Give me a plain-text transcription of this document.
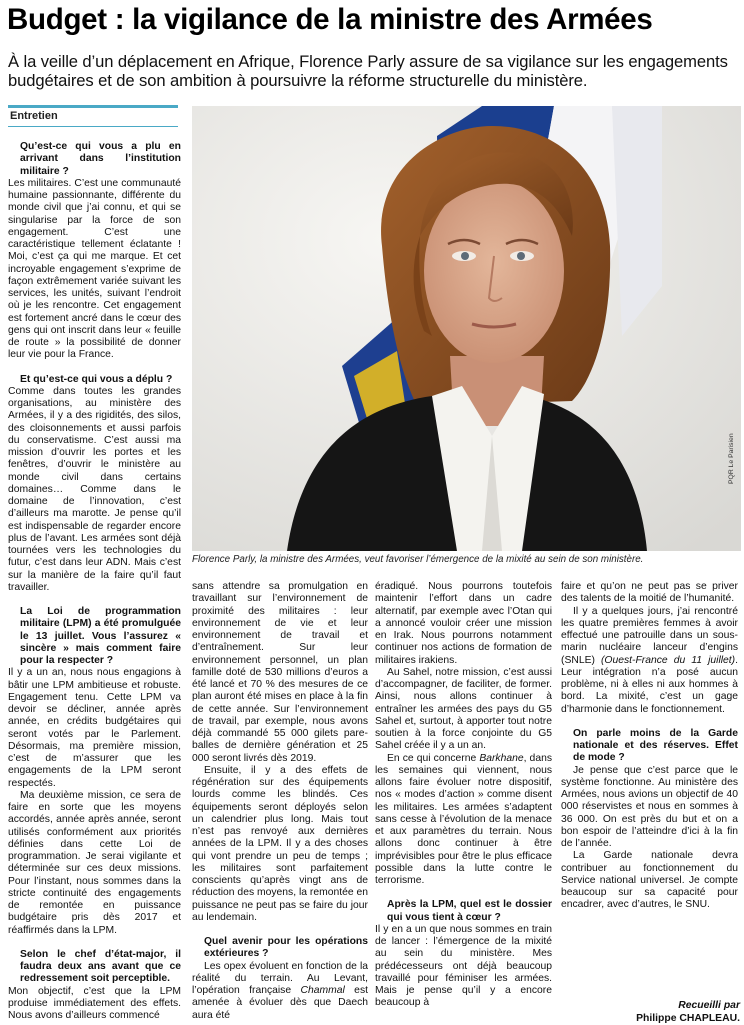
Budget : la vigilance de la ministre des Armées

À la veille d’un déplacement en Afrique, Florence Parly assure de sa vigilance sur les engagements budgétaires et de son ambition à poursuivre la réforme structurelle du ministère.

Entretien

Qu’est-ce qui vous a plu en arrivant dans l’institution militaire ?

Les militaires. C’est une communauté humaine passionnante, différente du monde civil que j’ai connu, et qui se singularise par la force de son engagement. C’est une caractéristique tellement éclatante ! Moi, c’est ça qui me marque. Et cet incroyable engagement s’exprime de façon extrêmement variée suivant les services, les unités, suivant l’endroit où je les rencontre. Cet engagement est fortement ancré dans le cœur des gens qui ont inscrit dans leur « feuille de route » la possibilité de donner leur vie pour la France.

Et qu’est-ce qui vous a déplu ?

Comme dans toutes les grandes organisations, au ministère des Armées, il y a des rigidités, des silos, des cloisonnements et aussi parfois du conservatisme. C’est aussi ma mission d’ouvrir les portes et les fenêtres, d’ouvrir le ministère au monde civil dans certains domaines… Comme dans le domaine de l’innovation, c’est d’ailleurs ma marotte. Je pense qu’il est indispensable de regarder encore plus de l’avant. Les armées sont déjà tournées vers les technologies du futur, c’est dans leur ADN. Mais c’est sur la manière de la faire qu’il faut travailler.

La Loi de programmation militaire (LPM) a été promulguée le 13 juillet. Vous l’assurez « sincère » mais comment faire pour la respecter ?

Il y a un an, nous nous engagions à bâtir une LPM ambitieuse et robuste. Engagement tenu. Cette LPM va devoir se décliner, année après année, en crédits budgétaires qui seront votés par le Parlement. Désormais, ma première mission, c’est de m’assurer que les engagements de la LPM seront respectés.

Ma deuxième mission, ce sera de faire en sorte que les moyens accordés, année après année, seront utilisés conformément aux priorités définies dans cette Loi de programmation. Je serai vigilante et déterminée sur ces deux missions. Pour l’instant, nous sommes dans la stricte continuité des engagements de remontée en puissance budgétaire pris dès 2017 et réaffirmés dans la LPM.

Selon le chef d’état-major, il faudra deux ans avant que ce redressement soit perceptible.

Mon objectif, c’est que la LPM produise immédiatement des effets. Nous avons d’ailleurs commencé

PQR Le Parisien
Florence Parly, la ministre des Armées, veut favoriser l’émergence de la mixité au sein de son ministère.

sans attendre sa promulgation en travaillant sur l’environnement de proximité des militaires : leur environnement de vie et leur environnement de travail et d’entraînement. Sur leur environnement personnel, un plan famille doté de 530 millions d’euros a été lancé et 70 % des mesures de ce plan auront été mises en place à la fin de cette année. Sur l’environnement de travail, par exemple, nous avons déjà commandé 55 000 gilets pare-balles de dernière génération et 25 000 seront livrés dès 2019.

Ensuite, il y a des effets de régénération sur des équipements lourds comme les blindés. Ces équipements seront déployés selon un calendrier plus long. Mais tout n’est pas renvoyé aux dernières années de la LPM. Il y a des choses qui vont prendre un peu de temps ; les militaires sont parfaitement conscients qu’après vingt ans de réduction des moyens, la remontée en puissance ne peut pas se faire du jour au lendemain.

Quel avenir pour les opérations extérieures ?

Les opex évoluent en fonction de la réalité du terrain. Au Levant, l’opération française Chammal est amenée à évoluer dès que Daech aura été

éradiqué. Nous pourrons toutefois maintenir l’effort dans un cadre alternatif, par exemple avec l’Otan qui a annoncé vouloir créer une mission en Irak. Nous pourrons notamment continuer nos actions de formation de militaires irakiens.

Au Sahel, notre mission, c’est aussi d’accompagner, de faciliter, de former. Ainsi, nous allons continuer à entraîner les armées des pays du G5 Sahel et, surtout, à apporter tout notre soutien à la force conjointe du G5 Sahel créée il y a un an.

En ce qui concerne Barkhane, dans les semaines qui viennent, nous allons faire évoluer notre dispositif, nos « modes d’action » comme disent les militaires. Les armées s’adaptent sans cesse à l’évolution de la menace et aux paramètres du terrain. Nous allons donc continuer à être imprévisibles pour être le plus efficace possible dans la lutte contre le terrorisme.

Après la LPM, quel est le dossier qui vous tient à cœur ?

Il y en a un que nous sommes en train de lancer : l’émergence de la mixité au sein du ministère. Mes prédécesseurs ont déjà beaucoup travaillé pour féminiser les armées. Mais je pense qu’il y a encore beaucoup à

faire et qu’on ne peut pas se priver des talents de la moitié de l’humanité.

Il y a quelques jours, j’ai rencontré les quatre premières femmes à avoir effectué une patrouille dans un sous-marin nucléaire lanceur d’engins (SNLE) (Ouest-France du 11 juillet). Leur intégration n’a posé aucun problème, ni à elles ni aux hommes à bord. La mixité, c’est un gage d’harmonie dans le fonctionnement.

On parle moins de la Garde nationale et des réserves. Effet de mode ?

Je pense que c’est parce que le système fonctionne. Au ministère des Armées, nous avions un objectif de 40 000 réservistes et nous en sommes à 36 000. On est près du but et on a bon espoir de l’atteindre d’ici à la fin de l’année.

La Garde nationale devra contribuer au fonctionnement du Service national universel. Je compte beaucoup sur sa capacité pour encadrer, avec d’autres, le SNU.

Recueilli par
Philippe CHAPLEAU.
